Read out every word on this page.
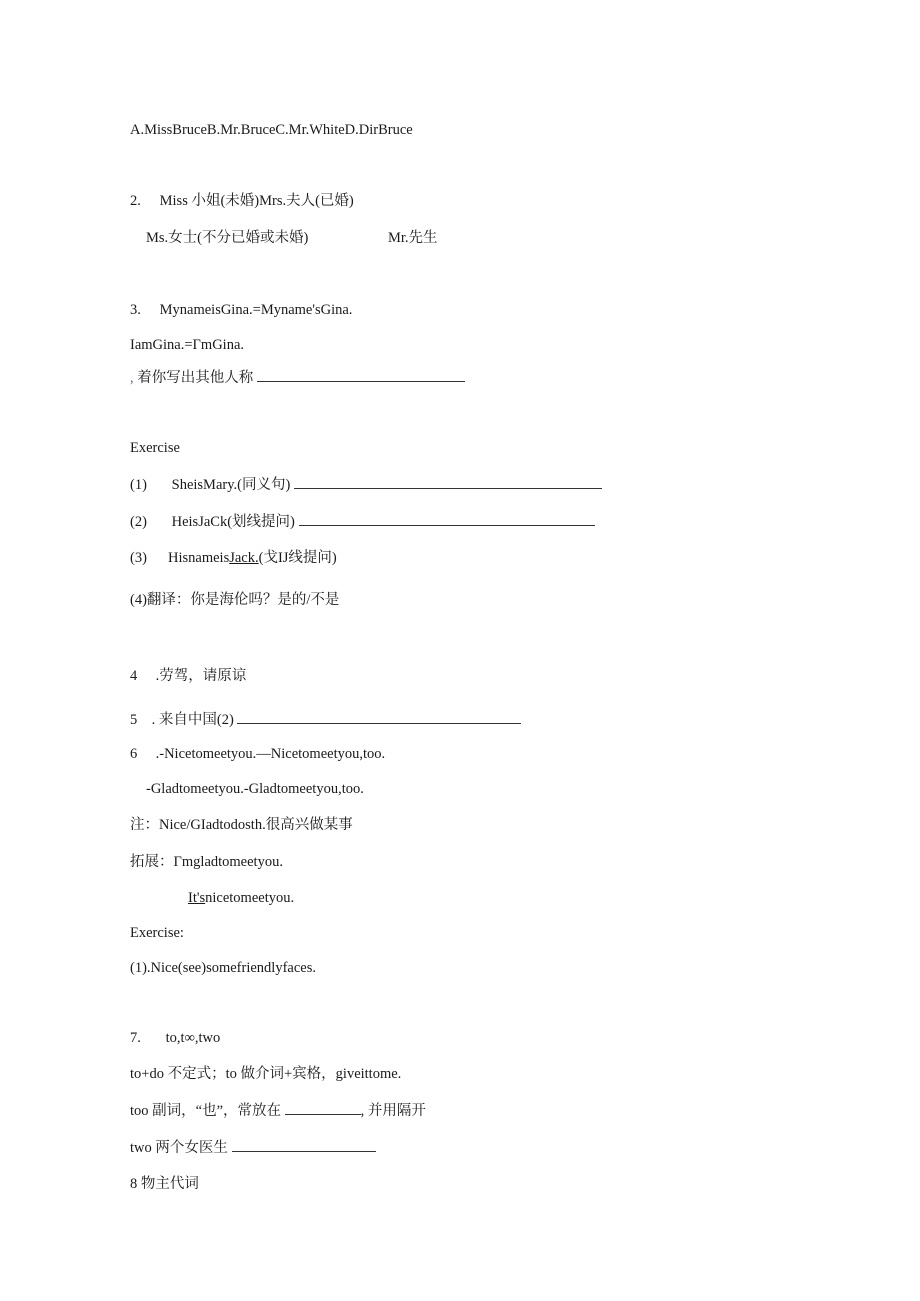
A.MissBruceB.Mr.BruceC.Mr.WhiteD.DirBruce
2. Miss 小姐(未婚)Mrs.夫人(已婚)
Ms.女士(不分已婚或未婚)	Mr.先生
3. MynameisGina.=Myname'sGina.
IamGina.=ΓmGina.
, 着你写出其他人称
Exercise
(1) SheisMary.(同义句)
(2) HeisJaCk(划线提问)
(3) HisnameisJack.(戈IJ线提问)
(4)翻译：你是海伦吗？是的/不是
4 .劳驾，请原谅
5 . 来自中国(2)
6 .-Nicetomeetyou.—Nicetomeetyou,too.
-Gladtomeetyou.-Gladtomeetyou,too.
注：Nice/GIadtodosth.很高兴做某事
拓展：Γmgladtomeetyou.
It'snicetomeetyou.
Exercise:
(1).Nice(see)somefriendlyfaces.
7. to,t∞,two
to+do 不定式；to 做介词+宾格，giveittome.
too 副词，“也”，常放在	, 并用隔开
two 两个女医生
8 物主代词
